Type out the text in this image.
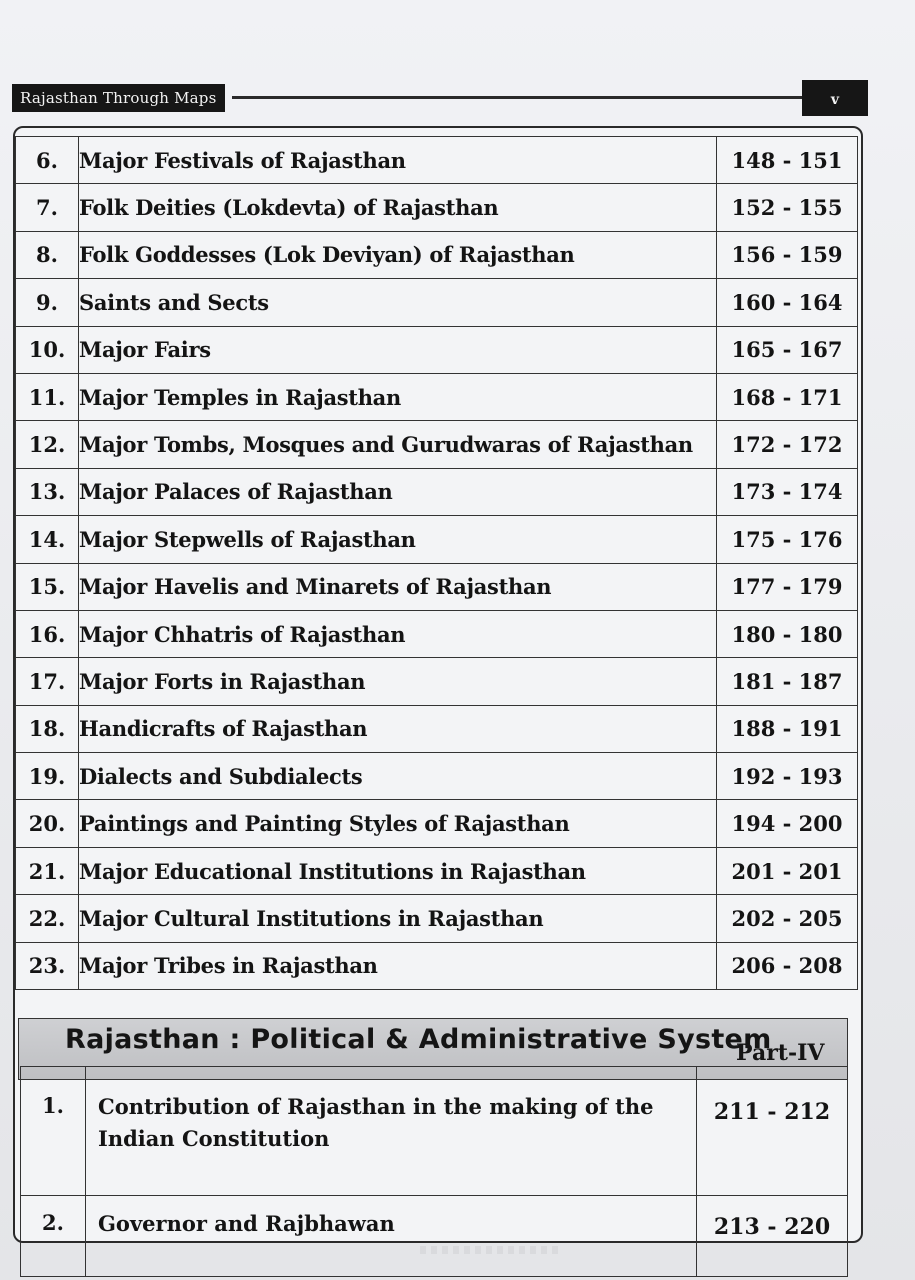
Rajasthan Through Maps	v
6.	Major Festivals of Rajasthan	148 - 151
7.	Folk Deities (Lokdevta) of Rajasthan	152 - 155
8.	Folk Goddesses (Lok Deviyan) of Rajasthan	156 - 159
9.	Saints and Sects	160 - 164
10.	Major Fairs	165 - 167
11.	Major Temples in Rajasthan	168 - 171
12.	Major Tombs, Mosques and Gurudwaras of Rajasthan	172 - 172
13.	Major Palaces of Rajasthan	173 - 174
14.	Major Stepwells of Rajasthan	175 - 176
15.	Major Havelis and Minarets of Rajasthan	177 - 179
16.	Major Chhatris of Rajasthan	180 - 180
17.	Major Forts in Rajasthan	181 - 187
18.	Handicrafts of Rajasthan	188 - 191
19.	Dialects and Subdialects	192 - 193
20.	Paintings and Painting Styles of Rajasthan	194 - 200
21.	Major Educational Institutions in Rajasthan	201 - 201
22.	Major Cultural Institutions in Rajasthan	202 - 205
23.	Major Tribes in Rajasthan	206 - 208
Rajasthan : Political & Administrative System
Part-IV
1.	Contribution of Rajasthan in the making of the Indian Constitution	211 - 212
2.	Governor and Rajbhawan	213 - 220
